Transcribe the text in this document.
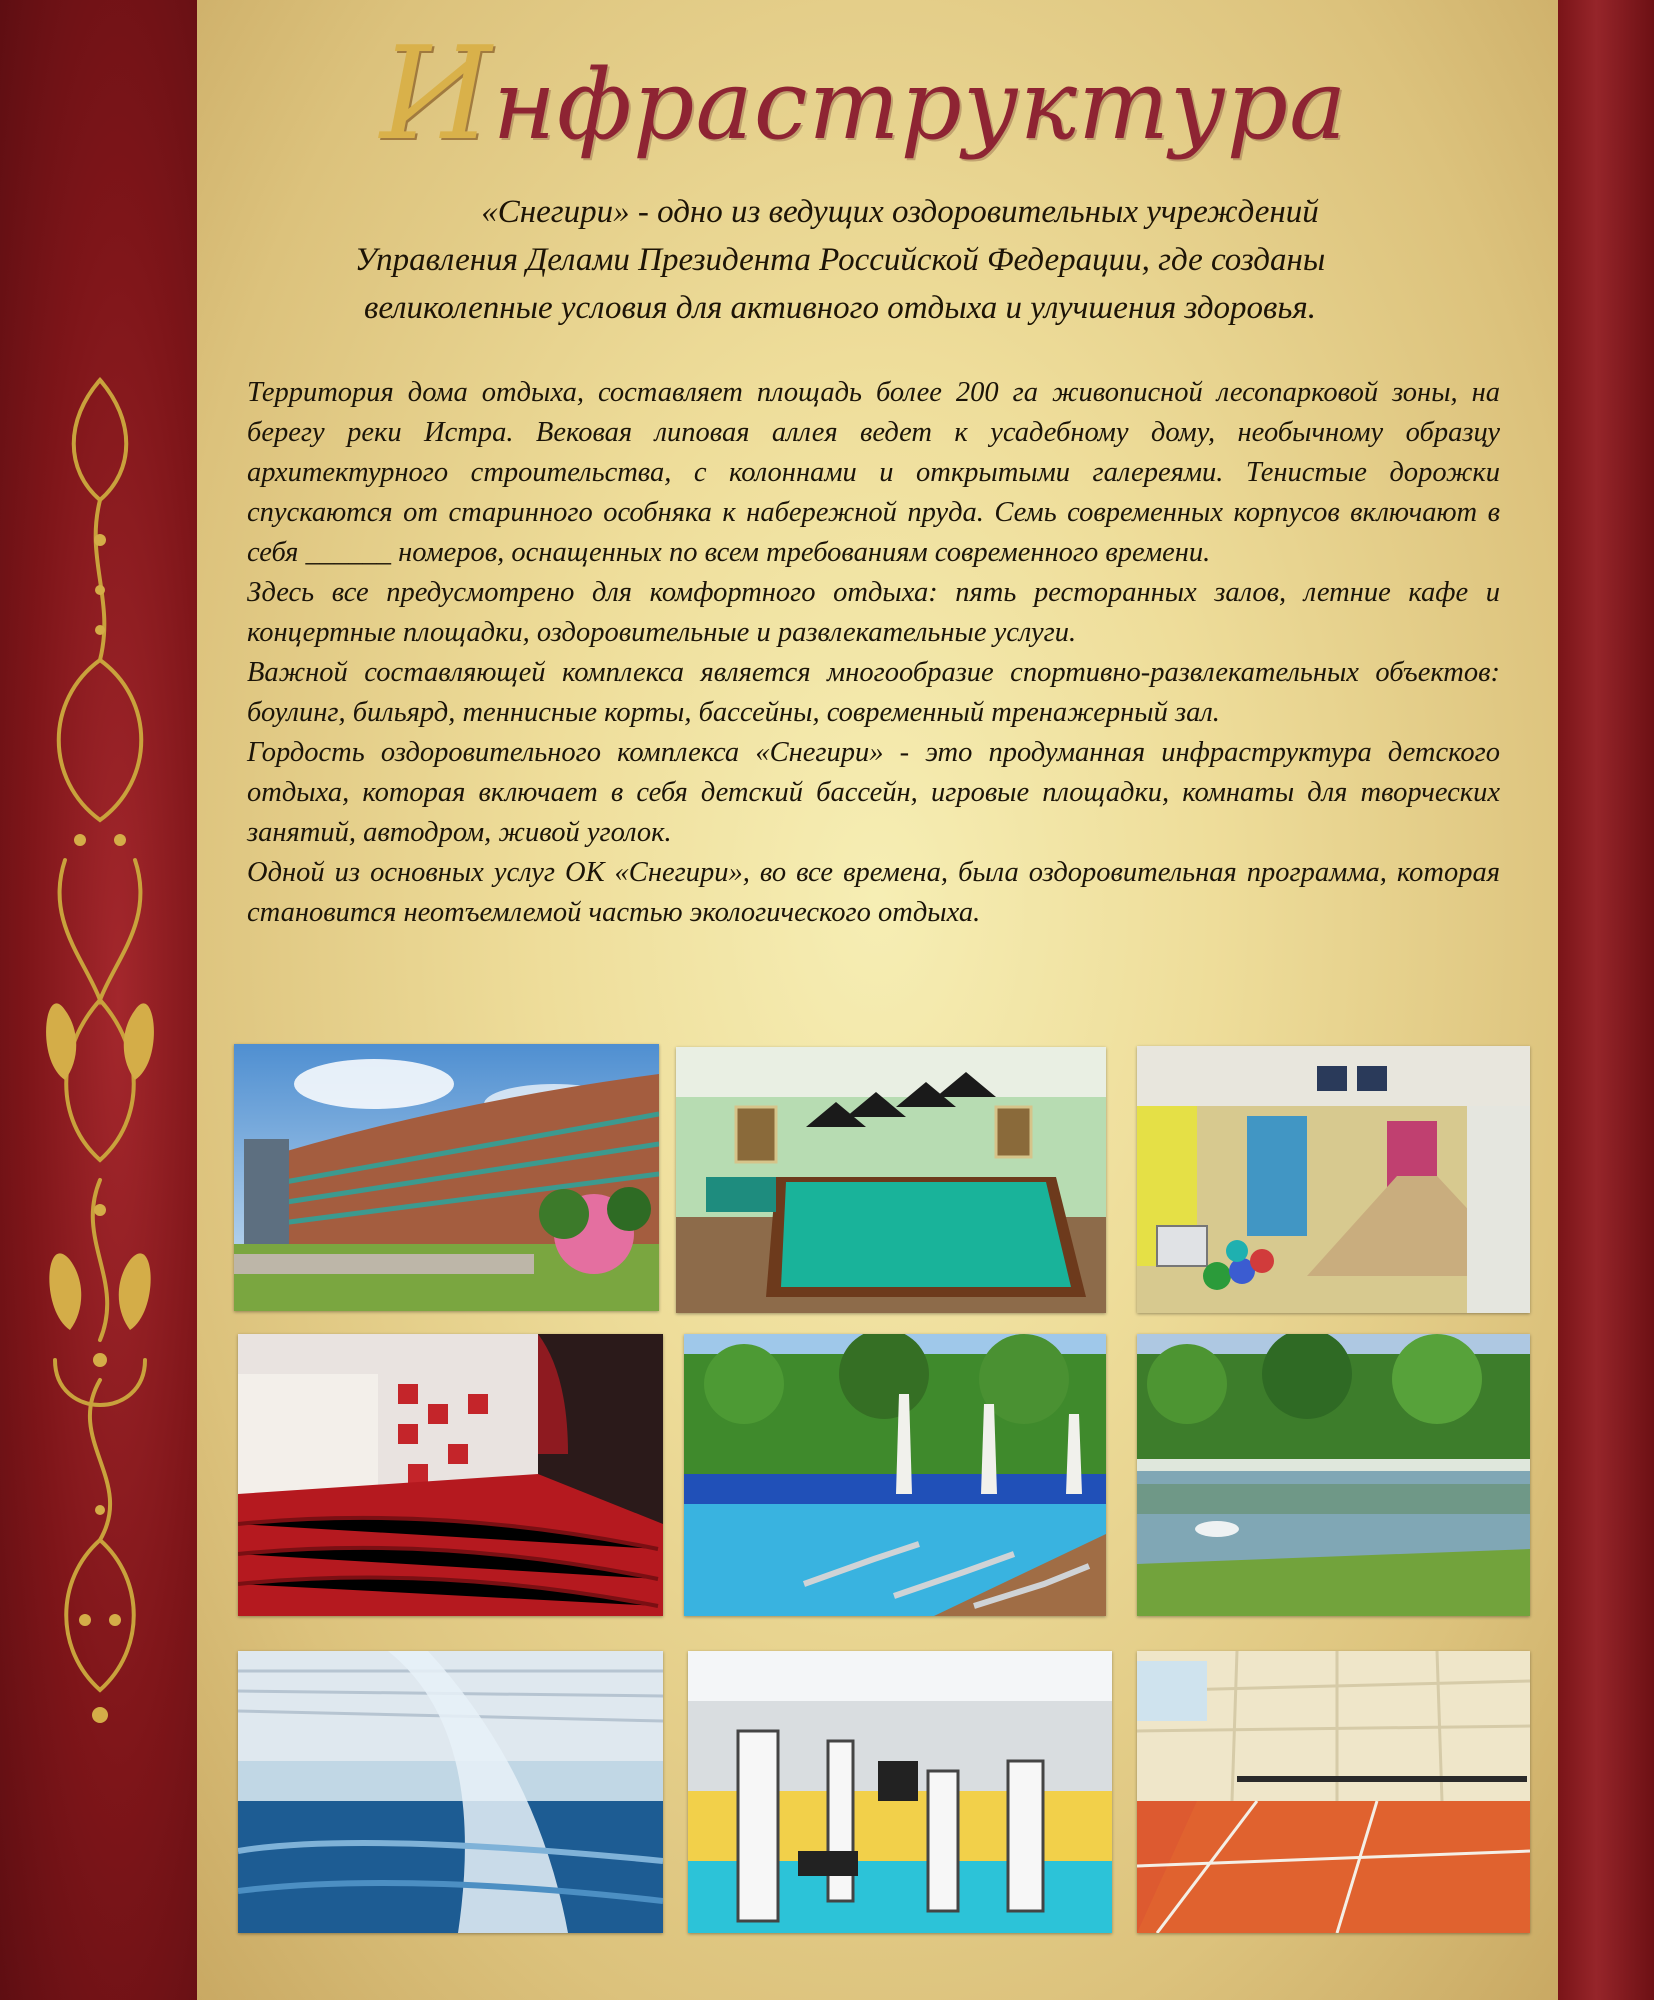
Инфраструктура

«Снегири» - одно из ведущих оздоровительных учреждений

Управления Делами Президента Российской Федерации, где созданы

великолепные условия для активного отдыха и улучшения здоровья.

Территория дома отдыха, составляет площадь более 200 га живописной лесопарковой зоны, на берегу реки Истра. Вековая липовая аллея ведет к усадебному дому, необычному образцу архитектурного строительства, с колоннами и открытыми галереями. Тенистые дорожки спускаются от старинного особняка к набережной пруда. Семь современных корпусов включают в себя ______ номеров, оснащенных по всем требованиям современного времени.

Здесь все предусмотрено для комфортного отдыха: пять ресторанных залов, летние кафе и концертные площадки, оздоровительные и развлекательные услуги.

Важной составляющей комплекса является многообразие спортивно-развлекательных объектов: боулинг, бильярд, теннисные корты, бассейны, современный тренажерный зал.

Гордость оздоровительного комплекса «Снегири» - это продуманная инфраструктура детского отдыха, которая включает в себя детский бассейн, игровые площадки, комнаты для творческих занятий, автодром, живой уголок.

Одной из основных услуг ОК «Снегири», во все времена, была оздоровительная программа, которая становится неотъемлемой частью экологического отдыха.
